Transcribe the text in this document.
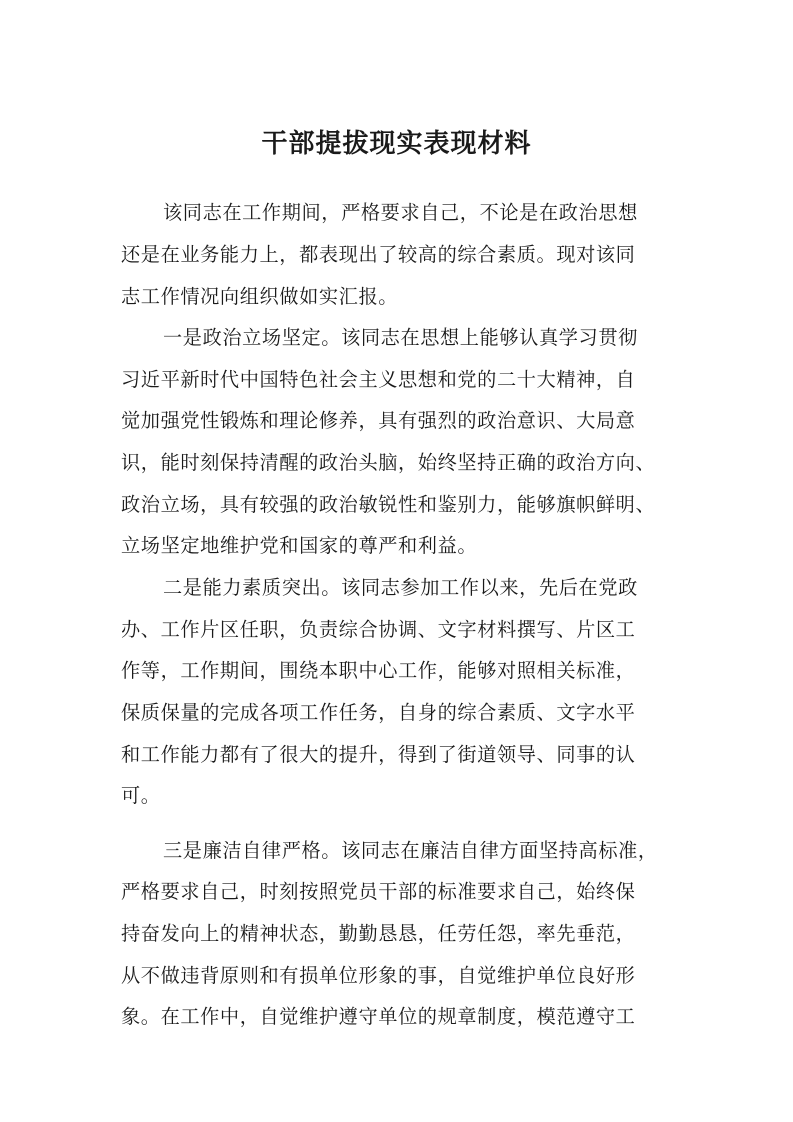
干部提拔现实表现材料
该同志在工作期间，严格要求自己，不论是在政治思想
还是在业务能力上，都表现出了较高的综合素质。现对该同
志工作情况向组织做如实汇报。
一是政治立场坚定。该同志在思想上能够认真学习贯彻
习近平新时代中国特色社会主义思想和党的二十大精神，自
觉加强党性锻炼和理论修养，具有强烈的政治意识、大局意
识，能时刻保持清醒的政治头脑，始终坚持正确的政治方向、
政治立场，具有较强的政治敏锐性和鉴别力，能够旗帜鲜明、
立场坚定地维护党和国家的尊严和利益。
二是能力素质突出。该同志参加工作以来，先后在党政
办、工作片区任职，负责综合协调、文字材料撰写、片区工
作等，工作期间，围绕本职中心工作，能够对照相关标准，
保质保量的完成各项工作任务，自身的综合素质、文字水平
和工作能力都有了很大的提升，得到了街道领导、同事的认
可。
三是廉洁自律严格。该同志在廉洁自律方面坚持高标准，
严格要求自己，时刻按照党员干部的标准要求自己，始终保
持奋发向上的精神状态，勤勤恳恳，任劳任怨，率先垂范，
从不做违背原则和有损单位形象的事，自觉维护单位良好形
象。在工作中，自觉维护遵守单位的规章制度，模范遵守工
